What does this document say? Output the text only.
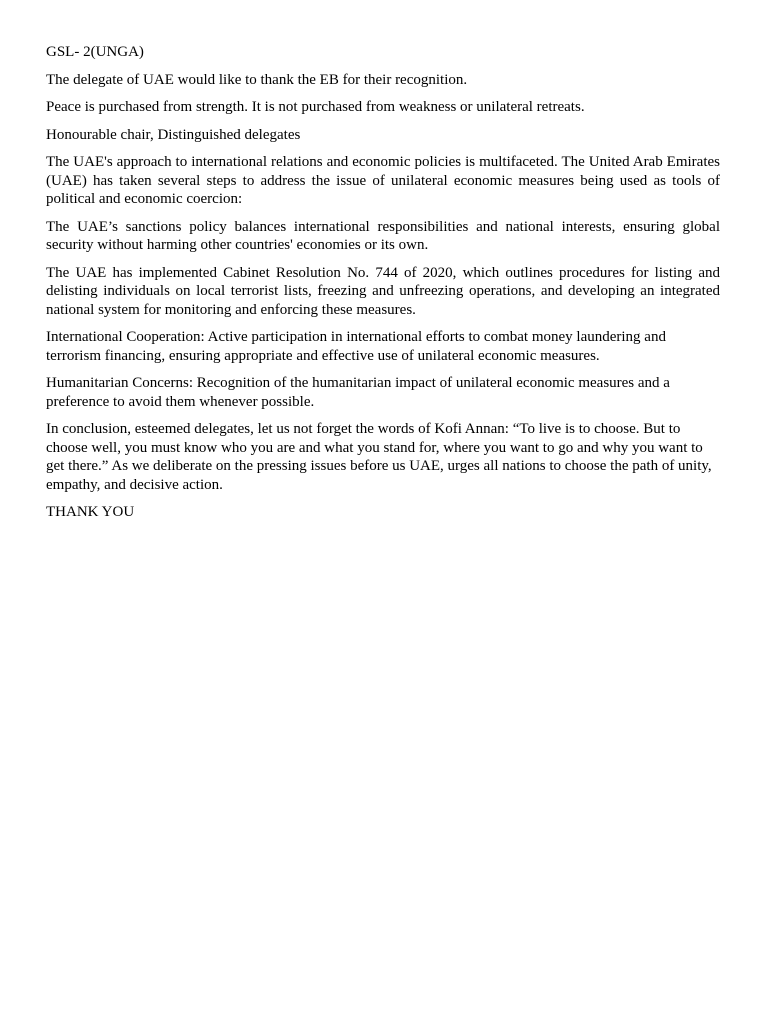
GSL- 2(UNGA)

The delegate of UAE would like to thank the EB for their recognition.

Peace is purchased from strength. It is not purchased from weakness or unilateral retreats.

Honourable chair, Distinguished delegates

The UAE's approach to international relations and economic policies is multifaceted. The United Arab Emirates (UAE) has taken several steps to address the issue of unilateral economic measures being used as tools of political and economic coercion:

The UAE’s sanctions policy balances international responsibilities and national interests, ensuring global security without harming other countries' economies or its own.

The UAE has implemented Cabinet Resolution No. 744 of 2020, which outlines procedures for listing and delisting individuals on local terrorist lists, freezing and unfreezing operations, and developing an integrated national system for monitoring and enforcing these measures.

International Cooperation: Active participation in international efforts to combat money laundering and terrorism financing, ensuring appropriate and effective use of unilateral economic measures.

Humanitarian Concerns: Recognition of the humanitarian impact of unilateral economic measures and a preference to avoid them whenever possible.

In conclusion, esteemed delegates, let us not forget the words of Kofi Annan: “To live is to choose. But to choose well, you must know who you are and what you stand for, where you want to go and why you want to get there.” As we deliberate on the pressing issues before us UAE, urges all nations to choose the path of unity, empathy, and decisive action.

THANK YOU
